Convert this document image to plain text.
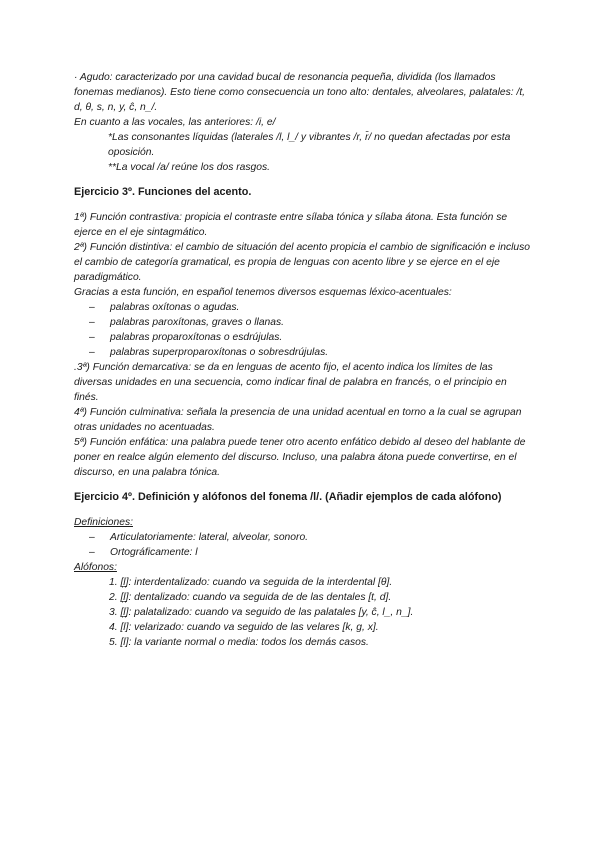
· Agudo: caracterizado por una cavidad bucal de resonancia pequeña, dividida (los llamados fonemas medianos). Esto tiene como consecuencia un tono alto: dentales, alveolares, palatales: /t, d, θ, s, n, y, ĉ, n_/.

En cuanto a las vocales, las anteriores: /i, e/

*Las consonantes líquidas (laterales /l, l_/ y vibrantes /r, r̄/ no quedan afectadas por esta oposición.

**La vocal /a/ reúne los dos rasgos.

Ejercicio 3º. Funciones del acento.

1ª) Función contrastiva: propicia el contraste entre sílaba tónica y sílaba átona. Esta función se ejerce en el eje sintagmático.

2ª) Función distintiva: el cambio de situación del acento propicia el cambio de significación e incluso el cambio de categoría gramatical, es propia de lenguas con acento libre y se ejerce en el eje paradigmático.

Gracias a esta función, en español tenemos diversos esquemas léxico-acentuales:

– palabras oxítonas o agudas.
– palabras paroxítonas, graves o llanas.
– palabras proparoxítonas o esdrújulas.
– palabras superproparoxítonas o sobresdrújulas.

.3ª) Función demarcativa: se da en lenguas de acento fijo, el acento indica los límites de las diversas unidades en una secuencia, como indicar final de palabra en francés, o el principio en finés.

4ª) Función culminativa: señala la presencia de una unidad acentual en torno a la cual se agrupan otras unidades no acentuadas.

5ª) Función enfática: una palabra puede tener otro acento enfático debido al deseo del hablante de poner en realce algún elemento del discurso. Incluso, una palabra átona puede convertirse, en el discurso, en una palabra tónica.

Ejercicio 4º. Definición y alófonos del fonema /l/. (Añadir ejemplos de cada alófono)

Definiciones:

– Articulatoriamente: lateral, alveolar, sonoro.
– Ortográficamente: l

Alófonos:

1. [l̪]: interdentalizado: cuando va seguida de la interdental [θ].
2. [l̪]: dentalizado: cuando va seguida de de las dentales [t, d].
3. [l̪]: palatalizado: cuando va seguido de las palatales [y, ĉ, l_, n_].
4. [ɫ]: velarizado: cuando va seguido de las velares [k, g, x].
5. [l]: la variante normal o media: todos los demás casos.
